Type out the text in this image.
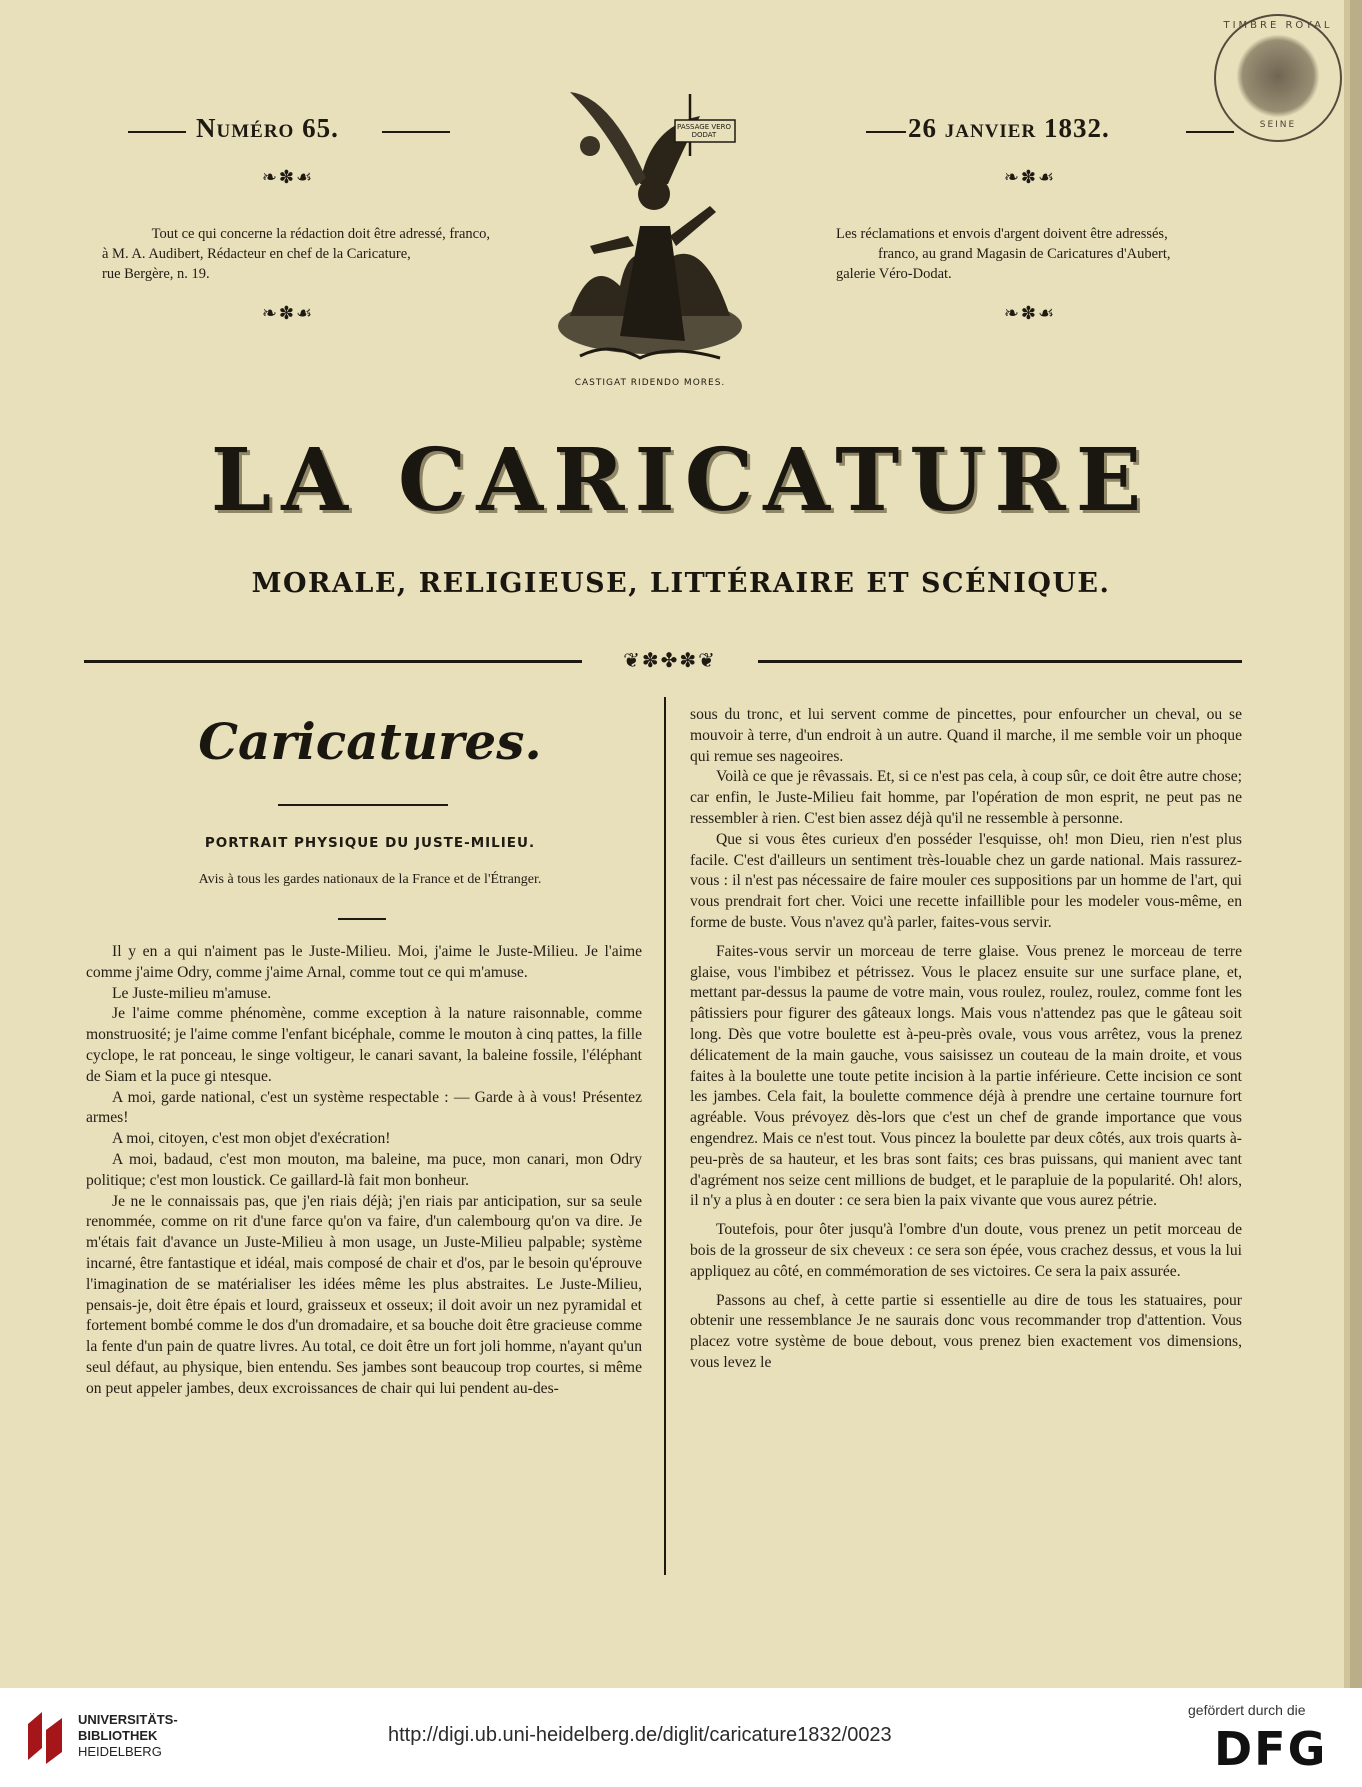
Numéro 65.	26 janvier 1832.
❧✽☙	❧✽☙
❧✽☙	❧✽☙
Tout ce qui concerne la rédaction doit être adressé, franco,
à M. A. Audibert, Rédacteur en chef de la Caricature,
rue Bergère, n. 19.
Les réclamations et envois d'argent doivent être adressés,
franco, au grand Magasin de Caricatures d'Aubert,
galerie Véro-Dodat.
PASSAGE VERO DODAT
CASTIGAT RIDENDO MORES.
TIMBRE ROYAL
SEINE
LA CARICATURE
MORALE, RELIGIEUSE, LITTÉRAIRE ET SCÉNIQUE.
❦✽✤✽❦
Caricatures.
PORTRAIT PHYSIQUE DU JUSTE-MILIEU.
Avis à tous les gardes nationaux de la France et de l'Étranger.

Il y en a qui n'aiment pas le Juste-Milieu. Moi, j'aime le Juste-Milieu. Je l'aime comme j'aime Odry, comme j'aime Arnal, comme tout ce qui m'amuse.

Le Juste-milieu m'amuse.

Je l'aime comme phénomène, comme exception à la nature raisonnable, comme monstruosité; je l'aime comme l'enfant bicéphale, comme le mouton à cinq pattes, la fille cyclope, le rat ponceau, le singe voltigeur, le canari savant, la baleine fossile, l'éléphant de Siam et la puce gi ntesque.

A moi, garde national, c'est un système respectable : — Garde à à vous! Présentez armes!

A moi, citoyen, c'est mon objet d'exécration!

A moi, badaud, c'est mon mouton, ma baleine, ma puce, mon canari, mon Odry politique; c'est mon loustick. Ce gaillard-là fait mon bonheur.

Je ne le connaissais pas, que j'en riais déjà; j'en riais par anticipation, sur sa seule renommée, comme on rit d'une farce qu'on va faire, d'un calembourg qu'on va dire. Je m'étais fait d'avance un Juste-Milieu à mon usage, un Juste-Milieu palpable; système incarné, être fantastique et idéal, mais composé de chair et d'os, par le besoin qu'éprouve l'imagination de se matérialiser les idées même les plus abstraites. Le Juste-Milieu, pensais-je, doit être épais et lourd, graisseux et osseux; il doit avoir un nez pyramidal et fortement bombé comme le dos d'un dromadaire, et sa bouche doit être gracieuse comme la fente d'un pain de quatre livres. Au total, ce doit être un fort joli homme, n'ayant qu'un seul défaut, au physique, bien entendu. Ses jambes sont beaucoup trop courtes, si même on peut appeler jambes, deux excroissances de chair qui lui pendent au-des-

sous du tronc, et lui servent comme de pincettes, pour enfourcher un cheval, ou se mouvoir à terre, d'un endroit à un autre. Quand il marche, il me semble voir un phoque qui remue ses nageoires.

Voilà ce que je rêvassais. Et, si ce n'est pas cela, à coup sûr, ce doit être autre chose; car enfin, le Juste-Milieu fait homme, par l'opération de mon esprit, ne peut pas ne ressembler à rien. C'est bien assez déjà qu'il ne ressemble à personne.

Que si vous êtes curieux d'en posséder l'esquisse, oh! mon Dieu, rien n'est plus facile. C'est d'ailleurs un sentiment très-louable chez un garde national. Mais rassurez-vous : il n'est pas nécessaire de faire mouler ces suppositions par un homme de l'art, qui vous prendrait fort cher. Voici une recette infaillible pour les modeler vous-même, en forme de buste. Vous n'avez qu'à parler, faites-vous servir.

Faites-vous servir un morceau de terre glaise. Vous prenez le morceau de terre glaise, vous l'imbibez et pétrissez. Vous le placez ensuite sur une surface plane, et, mettant par-dessus la paume de votre main, vous roulez, roulez, roulez, comme font les pâtissiers pour figurer des gâteaux longs. Mais vous n'attendez pas que le gâteau soit long. Dès que votre boulette est à-peu-près ovale, vous vous arrêtez, vous la prenez délicatement de la main gauche, vous saisissez un couteau de la main droite, et vous faites à la boulette une toute petite incision à la partie inférieure. Cette incision ce sont les jambes. Cela fait, la boulette commence déjà à prendre une certaine tournure fort agréable. Vous prévoyez dès-lors que c'est un chef de grande importance que vous engendrez. Mais ce n'est tout. Vous pincez la boulette par deux côtés, aux trois quarts à-peu-près de sa hauteur, et les bras sont faits; ces bras puissans, qui manient avec tant d'agrément nos seize cent millions de budget, et le parapluie de la popularité. Oh! alors, il n'y a plus à en douter : ce sera bien la paix vivante que vous aurez pétrie.

Toutefois, pour ôter jusqu'à l'ombre d'un doute, vous prenez un petit morceau de bois de la grosseur de six cheveux : ce sera son épée, vous crachez dessus, et vous la lui appliquez au côté, en commémoration de ses victoires. Ce sera la paix assurée.

Passons au chef, à cette partie si essentielle au dire de tous les statuaires, pour obtenir une ressemblance Je ne saurais donc vous recommander trop d'attention. Vous placez votre système de boue debout, vous prenez bien exactement vos dimensions, vous levez le

UNIVERSITÄTS-
BIBLIOTHEK
HEIDELBERG
http://digi.ub.uni-heidelberg.de/diglit/caricature1832/0023
gefördert durch die
DFG
